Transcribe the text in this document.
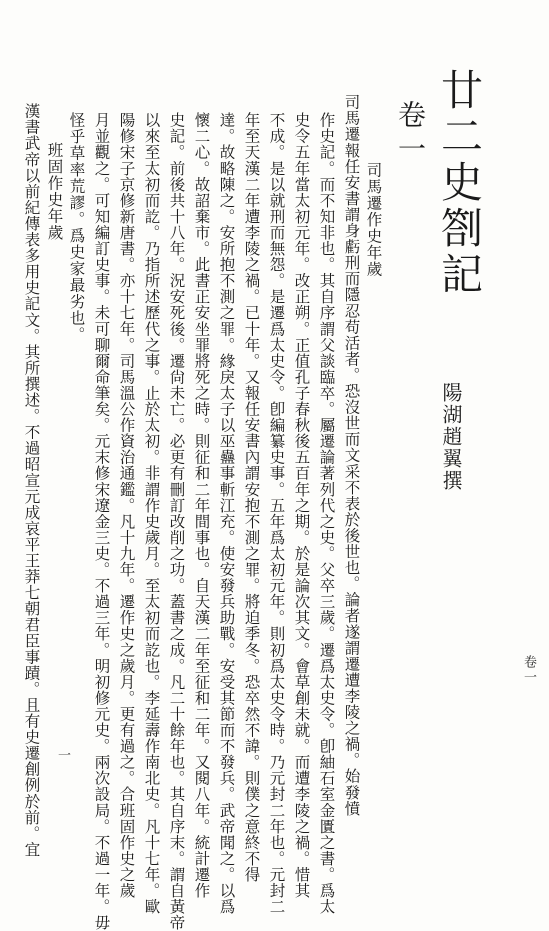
廿二史劄記
卷一
陽湖趙翼撰
司馬遷作史年歲
司馬遷報任安書謂身虧刑而隱忍苟活者。恐沒世而文采不表於後世也。論者遂謂遷遭李陵之禍。始發憤
作史記。而不知非也。其自序謂父談臨卒。屬遷論著列代之史。父卒三歲。遷爲太史令。卽紬石室金匱之書。爲太
史令五年當太初元年。改正朔。正值孔子春秋後五百年之期。於是論次其文。會草創未就。而遭李陵之禍。惜其
不成。是以就刑而無怨。是遷爲太史令。卽編纂史事。五年爲太初元年。則初爲太史令時。乃元封二年也。元封二
年至天漢二年遭李陵之禍。已十年。又報任安書內謂安抱不測之罪。將迫季冬。恐卒然不諱。則僕之意終不得
達。故略陳之。安所抱不測之罪。緣戾太子以巫蠱事斬江充。使安發兵助戰。安受其節而不發兵。武帝聞之。以爲
懷二心。故詔棄市。此書正安坐罪將死之時。則征和二年間事也。自天漢二年至征和二年。又閱八年。統計遷作
史記。前後共十八年。況安死後。遷尙未亡。必更有刪訂改削之功。蓋書之成。凡二十餘年也。其自序末。謂自黃帝
以來至太初而訖。乃指所述歷代之事。止於太初。非謂作史歲月。至太初而訖也。李延壽作南北史。凡十七年。歐
陽修宋子京修新唐書。亦十七年。司馬溫公作資治通鑑。凡十九年。遷作史之歲月。更有過之。合班固作史之歲
月並觀之。可知編訂史事。未可聊爾命筆矣。元末修宋遼金三史。不過三年。明初修元史。兩次設局。不過一年。毋
怪乎草率荒謬。爲史家最劣也。
班固作史年歲
漢書武帝以前紀傳表多用史記文。其所撰述。不過昭宣元成哀平王莽七朝君臣事蹟。且有史遷創例於前。宜	卷一
一
